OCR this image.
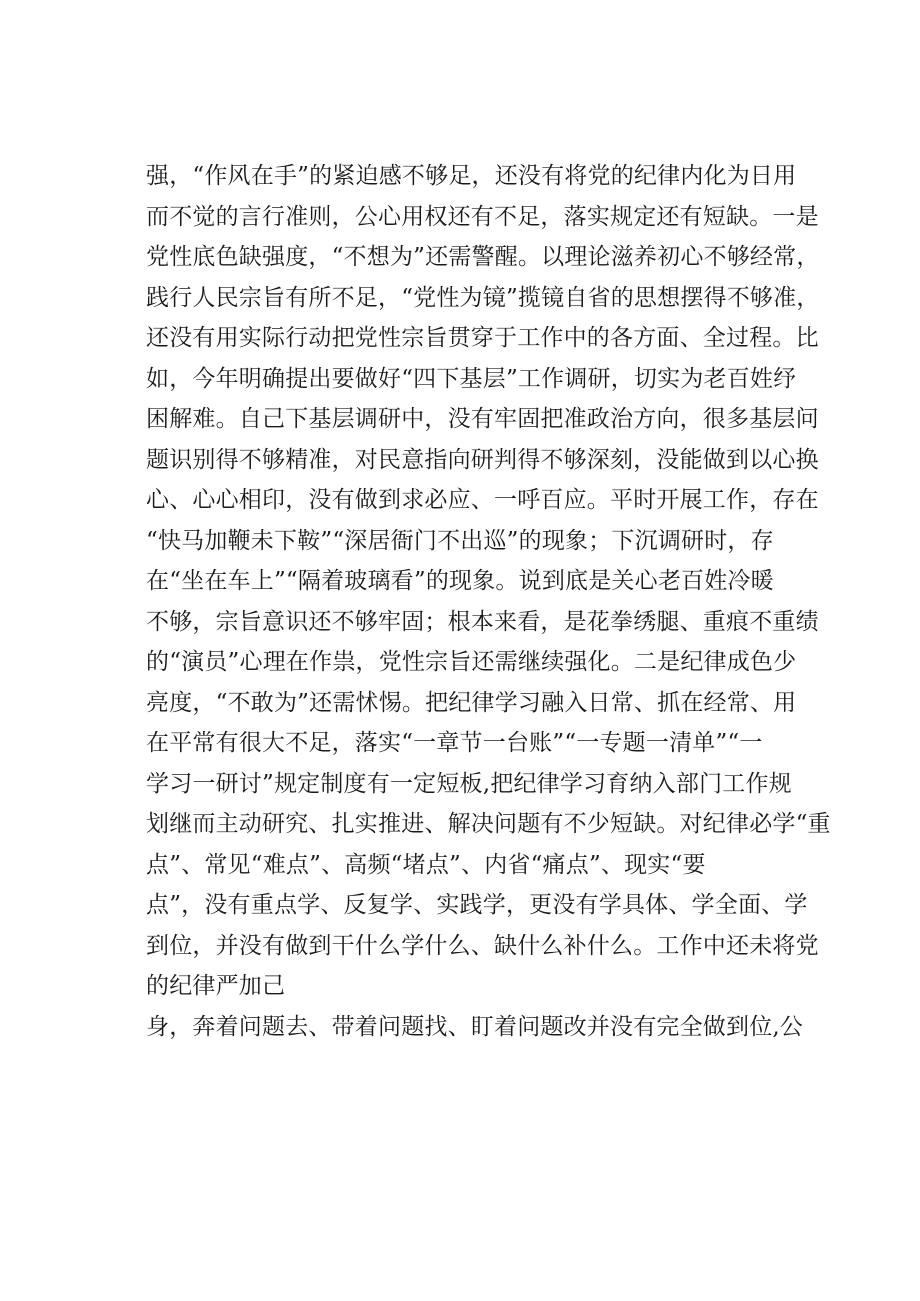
强，“作风在手”的紧迫感不够足，还没有将党的纪律内化为日用
而不觉的言行准则，公心用权还有不足，落实规定还有短缺。一是
党性底色缺强度，“不想为”还需警醒。以理论滋养初心不够经常，
践行人民宗旨有所不足，“党性为镜”揽镜自省的思想摆得不够准，
还没有用实际行动把党性宗旨贯穿于工作中的各方面、全过程。比
如，今年明确提出要做好“四下基层”工作调研，切实为老百姓纾
困解难。自己下基层调研中，没有牢固把准政治方向，很多基层问
题识别得不够精准，对民意指向研判得不够深刻，没能做到以心换
心、心心相印，没有做到求必应、一呼百应。平时开展工作，存在
“快马加鞭未下鞍”“深居衙门不出巡”的现象；下沉调研时，存
在“坐在车上”“隔着玻璃看”的现象。说到底是关心老百姓冷暖
不够，宗旨意识还不够牢固；根本来看，是花拳绣腿、重痕不重绩
的“演员”心理在作祟，党性宗旨还需继续强化。二是纪律成色少
亮度，“不敢为”还需怵惕。把纪律学习融入日常、抓在经常、用
在平常有很大不足，落实“一章节一台账”“一专题一清单”“一
学习一研讨”规定制度有一定短板,把纪律学习育纳入部门工作规
划继而主动研究、扎实推进、解决问题有不少短缺。对纪律必学“重
点”、常见“难点”、高频“堵点”、内省“痛点”、现实“要
点”，没有重点学、反复学、实践学，更没有学具体、学全面、学
到位，并没有做到干什么学什么、缺什么补什么。工作中还未将党
的纪律严加己
身，奔着问题去、带着问题找、盯着问题改并没有完全做到位,公
